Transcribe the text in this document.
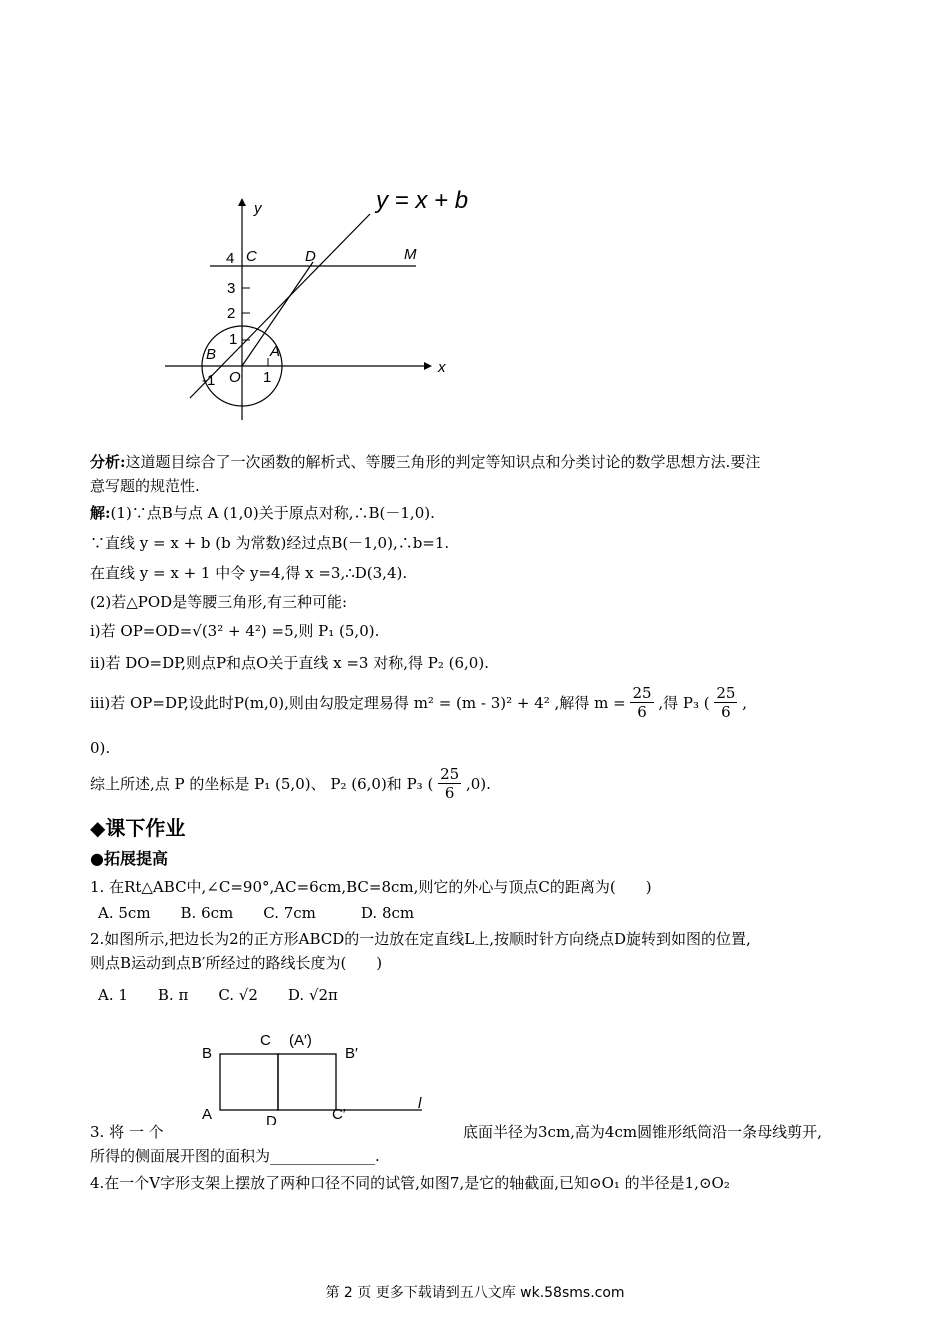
y = x + b
y
x
4 C	D	M
3
2
1
B	A
-1 O 1
分析:这道题目综合了一次函数的解析式、等腰三角形的判定等知识点和分类讨论的数学思想方法.要注
意写题的规范性.
解:(1)∵点B与点 A (1,0)关于原点对称,∴B(－1,0).
∵直线 y = x + b (b 为常数)经过点B(－1,0),∴b=1.
在直线 y = x + 1 中令 y=4,得 x =3,∴D(3,4).
(2)若△POD是等腰三角形,有三种可能:
i)若 OP=OD=√(3² + 4²) =5,则 P₁ (5,0).
ii)若 DO=DP,则点P和点O关于直线 x =3 对称,得 P₂ (6,0).
iii)若 OP=DP,设此时P(m,0),则由勾股定理易得 m² = (m - 3)² + 4² ,解得 $m = \frac{25}{6}$ ,得 P₃ ( $\frac{25}{6}$ ,
0).
综上所述,点 P 的坐标是 P₁ (5,0)、 P₂ (6,0)和 P₃ ( $\frac{25}{6} ,0$).
◆课下作业
●拓展提高
1. 在Rt△ABC中,∠C=90°,AC=6cm,BC=8cm,则它的外心与顶点C的距离为(　　)
A. 5cm　　B. 6cm　　C. 7cm　　　D. 8cm
2.如图所示,把边长为2的正方形ABCD的一边放在定直线L上,按顺时针方向绕点D旋转到如图的位置,
则点B运动到点B′所经过的路线长度为(　　)
A. 1　　B. π　　C. √2　　D. √2π
B
C (A′)
B′
A	D	C′
l
3. 将 一 个	底面半径为3cm,高为4cm圆锥形纸筒沿一条母线剪开,
所得的侧面展开图的面积为______________.
4.在一个V字形支架上摆放了两种口径不同的试管,如图7,是它的轴截面,已知⊙O₁ 的半径是1,⊙O₂
第 2 页 更多下载请到五八文库 wk.58sms.com
